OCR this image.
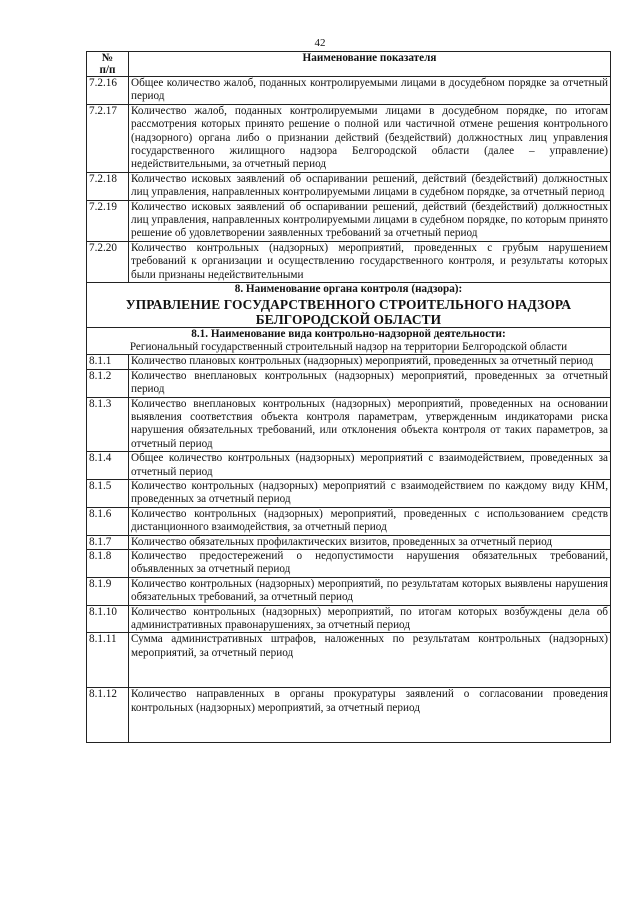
42
№
п/п	Наименование показателя
7.2.16	Общее количество жалоб, поданных контролируемыми лицами в досудебном порядке за отчетный период
7.2.17	Количество жалоб, поданных контролируемыми лицами в досудебном порядке, по итогам рассмотрения которых принято решение о полной или частичной отмене решения контрольного (надзорного) органа либо о признании действий (бездействий) должностных лиц управления государственного жилищного надзора Белгородской области (далее – управление) недействительными, за отчетный период
7.2.18	Количество исковых заявлений об оспаривании решений, действий (бездействий) должностных лиц управления, направленных контролируемыми лицами в судебном порядке, за отчетный период
7.2.19	Количество исковых заявлений об оспаривании решений, действий (бездействий) должностных лиц управления, направленных контролируемыми лицами в судебном порядке, по которым принято решение об удовлетворении заявленных требований за отчетный период
7.2.20	Количество контрольных (надзорных) мероприятий, проведенных с грубым нарушением требований к организации и осуществлению государственного контроля, и результаты которых были признаны недействительными

8. Наименование органа контроля (надзора):
УПРАВЛЕНИЕ ГОСУДАРСТВЕННОГО СТРОИТЕЛЬНОГО НАДЗОРА
БЕЛГОРОДСКОЙ ОБЛАСТИ	

8.1. Наименование вида контрольно-надзорной деятельности:
Региональный государственный строительный надзор на территории Белгородской области	

8.1.1	Количество плановых контрольных (надзорных) мероприятий, проведенных за отчетный период
8.1.2	Количество внеплановых контрольных (надзорных) мероприятий, проведенных за отчетный период
8.1.3	Количество внеплановых контрольных (надзорных) мероприятий, проведенных на основании выявления соответствия объекта контроля параметрам, утвержденным индикаторами риска нарушения обязательных требований, или отклонения объекта контроля от таких параметров, за отчетный период
8.1.4	Общее количество контрольных (надзорных) мероприятий с взаимодействием, проведенных за отчетный период
8.1.5	Количество контрольных (надзорных) мероприятий с взаимодействием по каждому виду КНМ, проведенных за отчетный период
8.1.6	Количество контрольных (надзорных) мероприятий, проведенных с использованием средств дистанционного взаимодействия, за отчетный период
8.1.7	Количество обязательных профилактических визитов, проведенных за отчетный период
8.1.8	Количество предостережений о недопустимости нарушения обязательных требований, объявленных за отчетный период
8.1.9	Количество контрольных (надзорных) мероприятий, по результатам которых выявлены нарушения обязательных требований, за отчетный период
8.1.10	Количество контрольных (надзорных) мероприятий, по итогам которых возбуждены дела об административных правонарушениях, за отчетный период
8.1.11	Сумма административных штрафов, наложенных по результатам контрольных (надзорных) мероприятий, за отчетный период
8.1.12	Количество направленных в органы прокуратуры заявлений о согласовании проведения контрольных (надзорных) мероприятий, за отчетный период
